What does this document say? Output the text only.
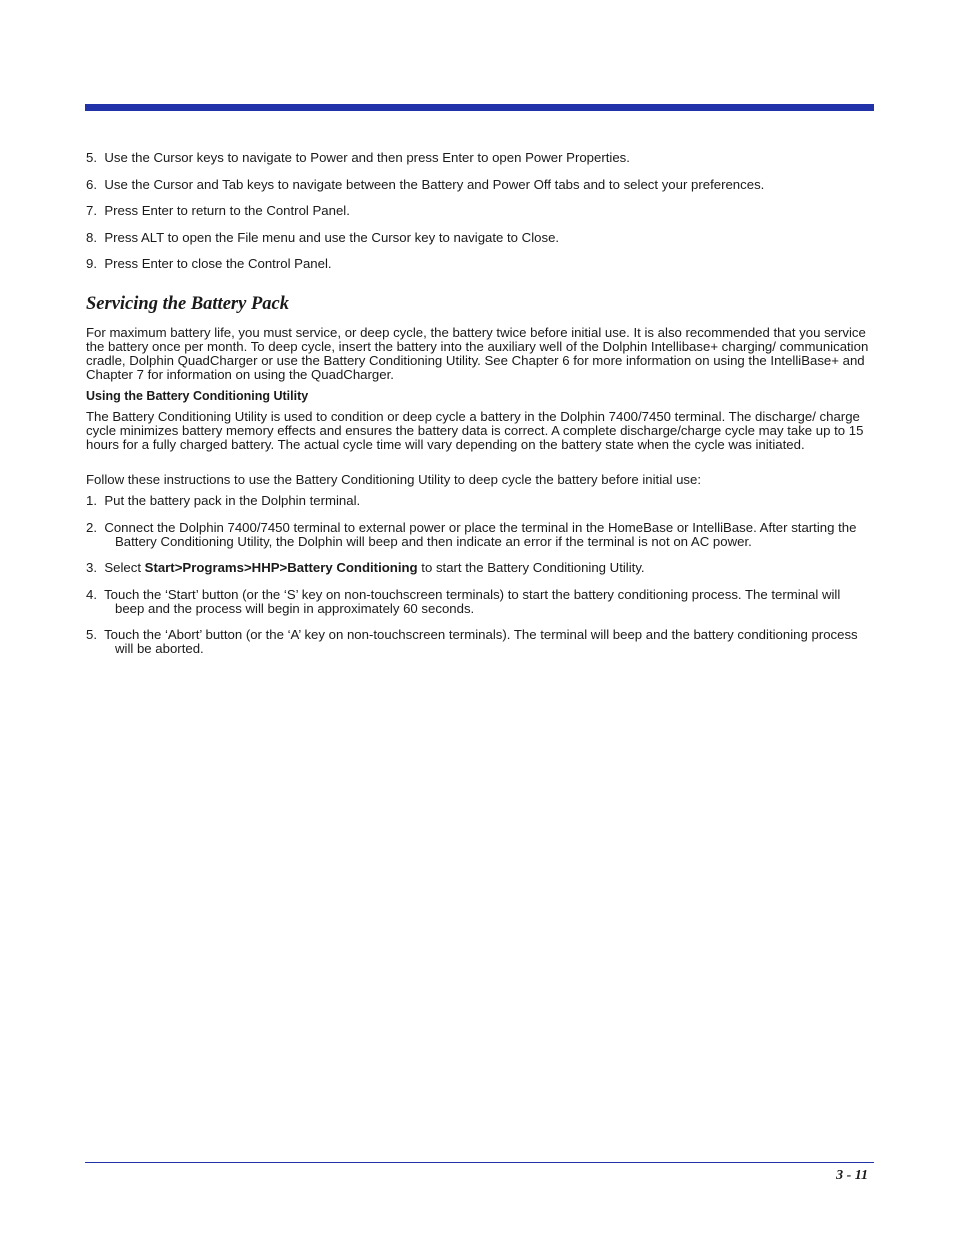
5. Use the Cursor keys to navigate to Power and then press Enter to open Power Properties.

6. Use the Cursor and Tab keys to navigate between the Battery and Power Off tabs and to select your preferences.

7. Press Enter to return to the Control Panel.

8. Press ALT to open the File menu and use the Cursor key to navigate to Close.

9. Press Enter to close the Control Panel.

Servicing the Battery Pack

For maximum battery life, you must service, or deep cycle, the battery twice before initial use. It is also recommended that you service the battery once per month. To deep cycle, insert the battery into the auxiliary well of the Dolphin Intellibase+ charging/ communication cradle, Dolphin QuadCharger or use the Battery Conditioning Utility. See Chapter 6 for more information on using the IntelliBase+ and Chapter 7 for information on using the QuadCharger.

Using the Battery Conditioning Utility

The Battery Conditioning Utility is used to condition or deep cycle a battery in the Dolphin 7400/7450 terminal. The discharge/ charge cycle minimizes battery memory effects and ensures the battery data is correct. A complete discharge/charge cycle may take up to 15 hours for a fully charged battery. The actual cycle time will vary depending on the battery state when the cycle was initiated.

Follow these instructions to use the Battery Conditioning Utility to deep cycle the battery before initial use:

1. Put the battery pack in the Dolphin terminal.

2. Connect the Dolphin 7400/7450 terminal to external power or place the terminal in the HomeBase or IntelliBase. After starting the Battery Conditioning Utility, the Dolphin will beep and then indicate an error if the terminal is not on AC power.

3. Select Start>Programs>HHP>Battery Conditioning to start the Battery Conditioning Utility.

4. Touch the ‘Start’ button (or the ‘S’ key on non-touchscreen terminals) to start the battery conditioning process. The terminal will beep and the process will begin in approximately 60 seconds.

5. Touch the ‘Abort’ button (or the ‘A’ key on non-touchscreen terminals). The terminal will beep and the battery conditioning process will be aborted.

3 - 11
